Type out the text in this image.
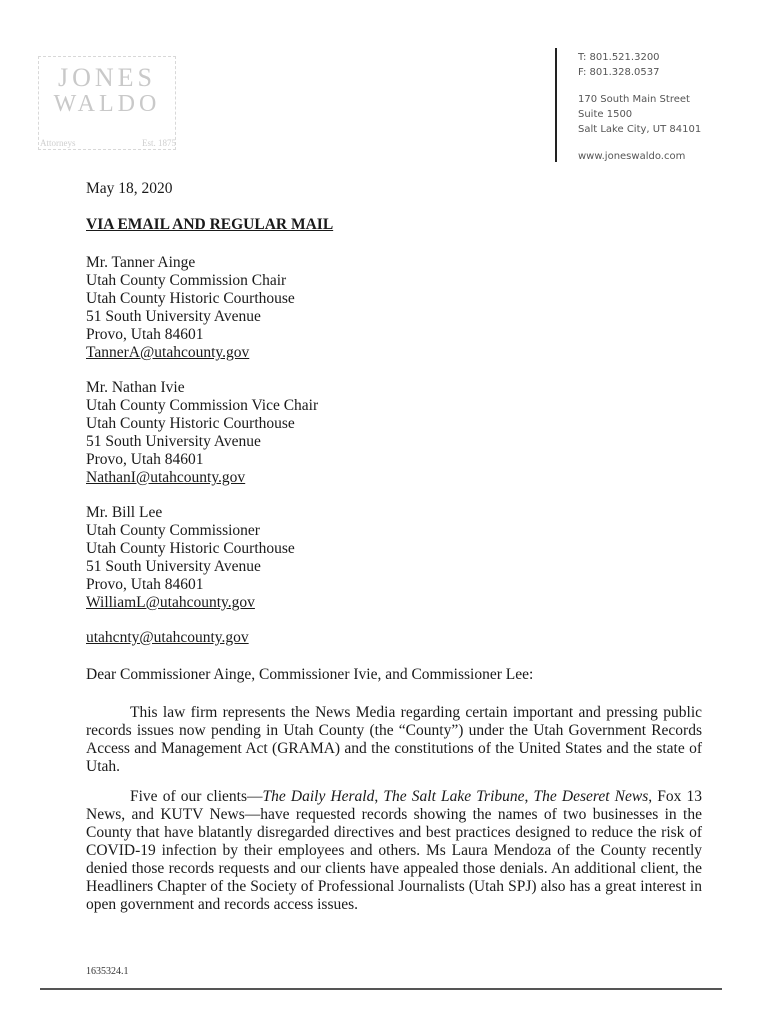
JONES
WALDO
Attorneys	Est. 1875
T: 801.521.3200
F: 801.328.0537
170 South Main Street
Suite 1500
Salt Lake City, UT 84101
www.joneswaldo.com
May 18, 2020
VIA EMAIL AND REGULAR MAIL
Mr. Tanner Ainge
Utah County Commission Chair
Utah County Historic Courthouse
51 South University Avenue
Provo, Utah 84601
TannerA@utahcounty.gov
Mr. Nathan Ivie
Utah County Commission Vice Chair
Utah County Historic Courthouse
51 South University Avenue
Provo, Utah 84601
NathanI@utahcounty.gov
Mr. Bill Lee
Utah County Commissioner
Utah County Historic Courthouse
51 South University Avenue
Provo, Utah 84601
WilliamL@utahcounty.gov
utahcnty@utahcounty.gov
Dear Commissioner Ainge, Commissioner Ivie, and Commissioner Lee:
This law firm represents the News Media regarding certain important and pressing public records issues now pending in Utah County (the “County”) under the Utah Government Records Access and Management Act (GRAMA) and the constitutions of the United States and the state of Utah.
Five of our clients—The Daily Herald, The Salt Lake Tribune, The Deseret News, Fox 13 News, and KUTV News—have requested records showing the names of two businesses in the County that have blatantly disregarded directives and best practices designed to reduce the risk of COVID-19 infection by their employees and others. Ms Laura Mendoza of the County recently denied those records requests and our clients have appealed those denials. An additional client, the Headliners Chapter of the Society of Professional Journalists (Utah SPJ) also has a great interest in open government and records access issues.
1635324.1
